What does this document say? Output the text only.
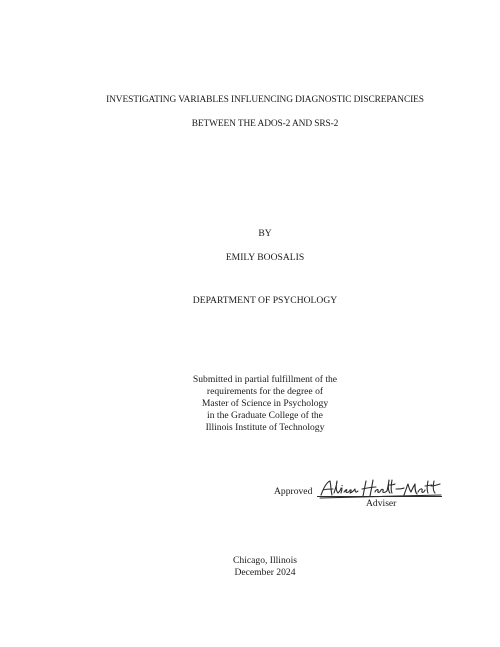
INVESTIGATING VARIABLES INFLUENCING DIAGNOSTIC DISCREPANCIES
BETWEEN THE ADOS-2 AND SRS-2
BY
EMILY BOOSALIS
DEPARTMENT OF PSYCHOLOGY
Submitted in partial fulfillment of the
requirements for the degree of
Master of Science in Psychology
in the Graduate College of the
Illinois Institute of Technology
Approved
Adviser
Chicago, Illinois
December 2024
